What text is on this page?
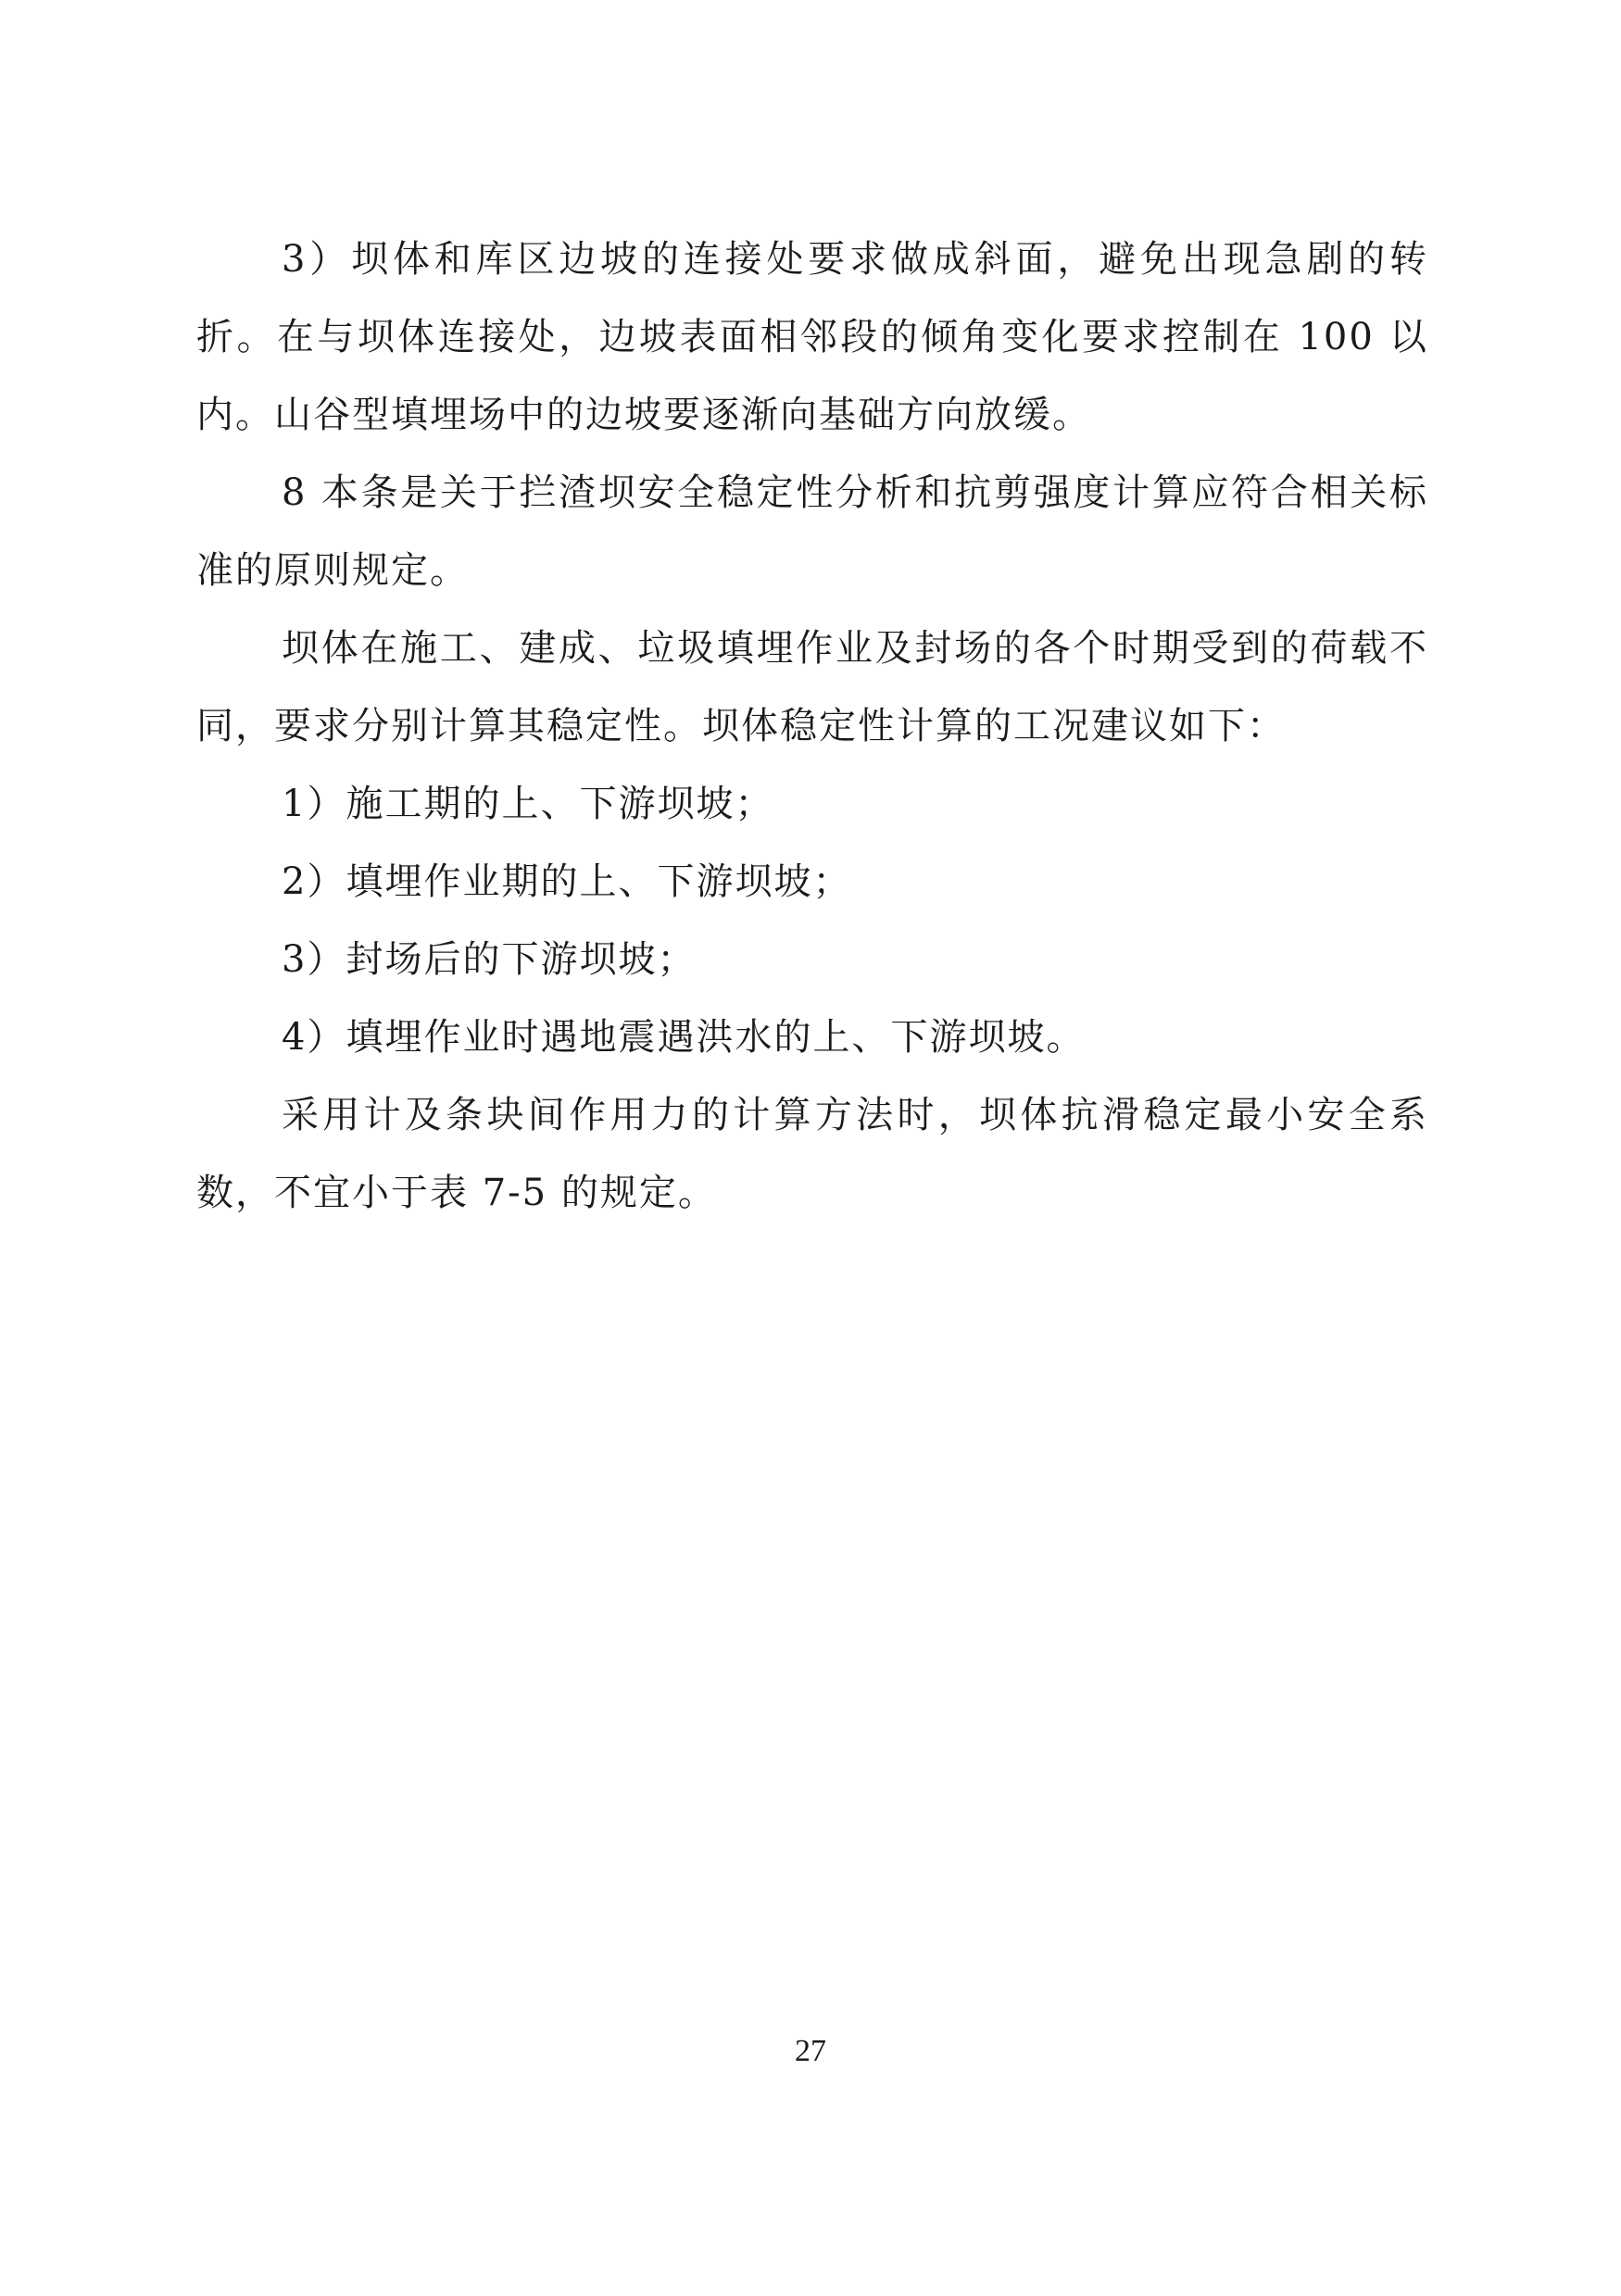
3）坝体和库区边坡的连接处要求做成斜面，避免出现急剧的转折。在与坝体连接处，边坡表面相邻段的倾角变化要求控制在 100 以内。山谷型填埋场中的边坡要逐渐向基础方向放缓。

8 本条是关于拦渣坝安全稳定性分析和抗剪强度计算应符合相关标准的原则规定。

坝体在施工、建成、垃圾填埋作业及封场的各个时期受到的荷载不同，要求分别计算其稳定性。坝体稳定性计算的工况建议如下：

1）施工期的上、下游坝坡；

2）填埋作业期的上、下游坝坡；

3）封场后的下游坝坡；

4）填埋作业时遇地震遇洪水的上、下游坝坡。

采用计及条块间作用力的计算方法时，坝体抗滑稳定最小安全系数，不宜小于表 7-5 的规定。

27
